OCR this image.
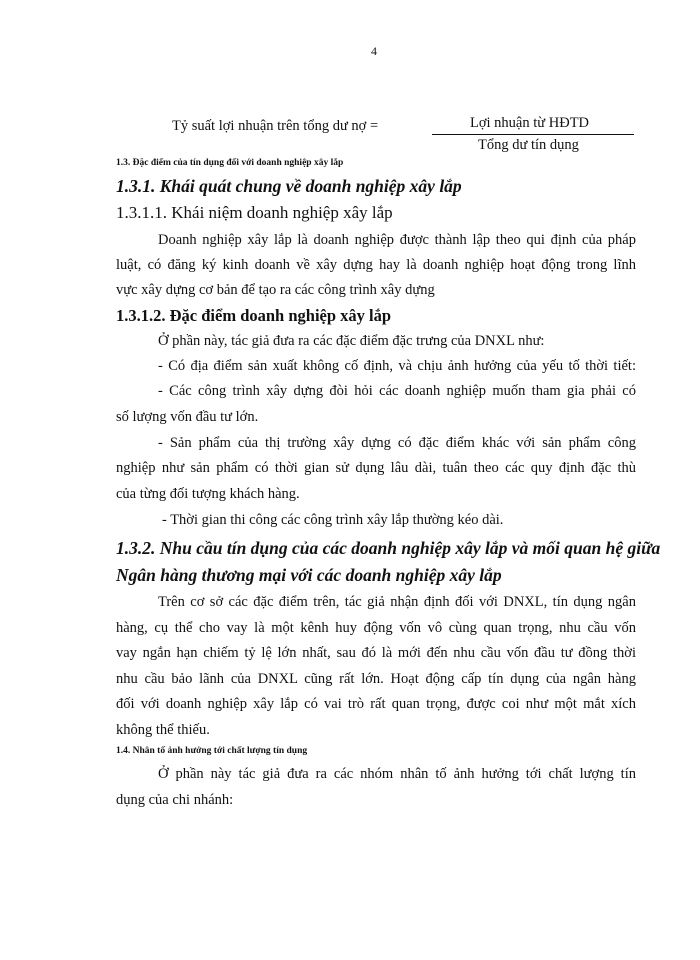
4
Tỷ suất lợi nhuận trên tổng dư nợ =	Lợi nhuận từ HĐTD
Tổng dư tín dụng
1.3. Đặc điểm của tín dụng đối với doanh nghiệp xây lắp
1.3.1. Khái quát chung về doanh nghiệp xây lắp
1.3.1.1. Khái niệm doanh nghiệp xây lắp
Doanh nghiệp xây lắp là doanh nghiệp được thành lập theo qui định của pháp
luật, có đăng ký kinh doanh về xây dựng hay là doanh nghiệp hoạt động trong lĩnh
vực xây dựng cơ bản để tạo ra các công trình xây dựng
1.3.1.2. Đặc điểm doanh nghiệp xây lắp
Ở phần này, tác giả đưa ra các đặc điểm đặc trưng của DNXL như:
- Có địa điểm sản xuất không cố định, và chịu ảnh hưởng của yếu tố thời tiết:
- Các công trình xây dựng đòi hỏi các doanh nghiệp muốn tham gia phải có
số lượng vốn đầu tư lớn.
- Sản phẩm của thị trường xây dựng có đặc điểm khác với sản phẩm công
nghiệp như sản phẩm có thời gian sử dụng lâu dài, tuân theo các quy định đặc thù
của từng đối tượng khách hàng.
- Thời gian thi công các công trình xây lắp thường kéo dài.
1.3.2. Nhu cầu tín dụng của các doanh nghiệp xây lắp và mối quan hệ giữa
Ngân hàng thương mại với các doanh nghiệp xây lắp
Trên cơ sở các đặc điểm trên, tác giả nhận định đối với DNXL, tín dụng ngân
hàng, cụ thể cho vay là một kênh huy động vốn vô cùng quan trọng, nhu cầu vốn
vay ngắn hạn chiếm tỷ lệ lớn nhất, sau đó là mới đến nhu cầu vốn đầu tư đồng thời
nhu cầu bảo lãnh của DNXL cũng rất lớn. Hoạt động cấp tín dụng của ngân hàng
đối với doanh nghiệp xây lắp có vai trò rất quan trọng, được coi như một mắt xích
không thể thiếu.
1.4. Nhân tố ảnh hưởng tới chất lượng tín dụng
Ở phần này tác giả đưa ra các nhóm nhân tố ảnh hưởng tới chất lượng tín
dụng của chi nhánh:
